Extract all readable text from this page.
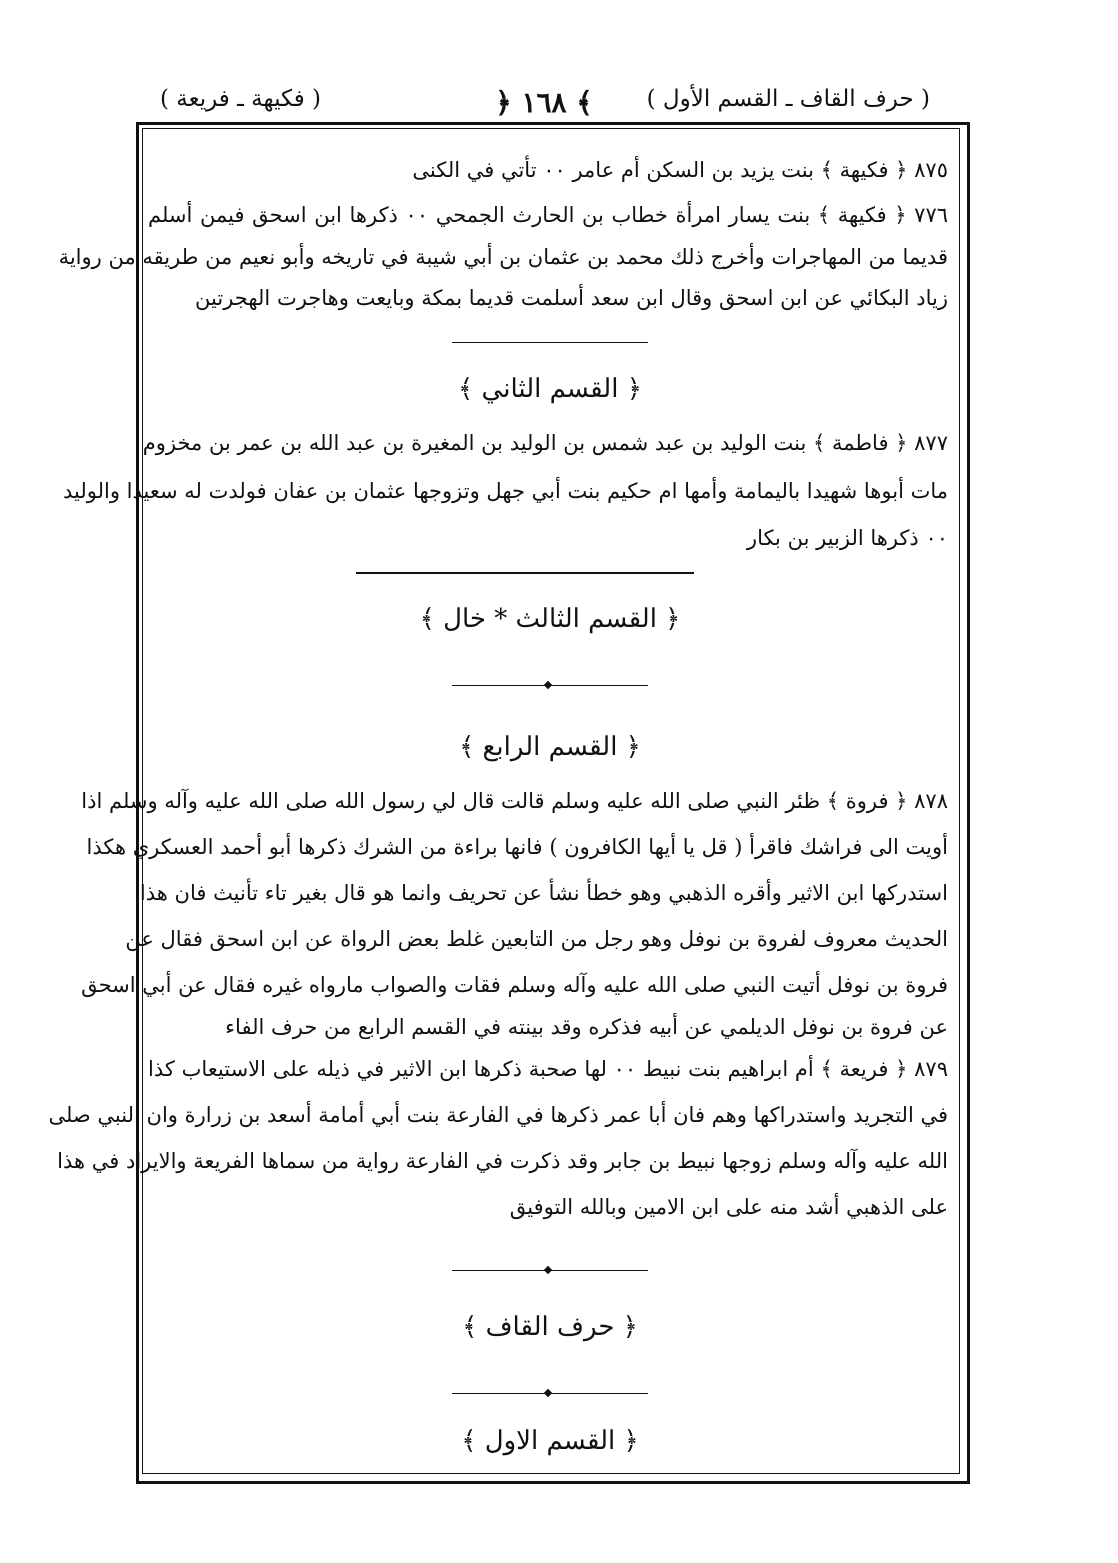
( حرف القاف ـ القسم الأول )
﴿ ١٦٨ ﴾
( فكيهة ـ فريعة )
٨٧٥ ﴿ فكيهة ﴾ بنت يزيد بن السكن أم عامر ٠٠ تأتي في الكنى
٧٧٦ ﴿ فكيهة ﴾ بنت يسار امرأة خطاب بن الحارث الجمحي ٠٠ ذكرها ابن اسحق فيمن أسلم
قديما من المهاجرات وأخرج ذلك محمد بن عثمان بن أبي شيبة في تاريخه وأبو نعيم من طريقه من رواية
زياد البكائي عن ابن اسحق وقال ابن سعد أسلمت قديما بمكة وبايعت وهاجرت الهجرتين
﴿ القسم الثاني ﴾
٨٧٧ ﴿ فاطمة ﴾ بنت الوليد بن عبد شمس بن الوليد بن المغيرة بن عبد الله بن عمر بن مخزوم
مات أبوها شهيدا باليمامة وأمها ام حكيم بنت أبي جهل وتزوجها عثمان بن عفان فولدت له سعيدا والوليد
٠٠ ذكرها الزبير بن بكار
﴿ القسم الثالث * خال ﴾
﴿ القسم الرابع ﴾
٨٧٨ ﴿ فروة ﴾ ظئر النبي صلى الله عليه وسلم قالت قال لي رسول الله صلى الله عليه وآله وسلم اذا
أويت الى فراشك فاقرأ ( قل يا أيها الكافرون ) فانها براءة من الشرك ذكرها أبو أحمد العسكري هكذا
استدركها ابن الاثير وأقره الذهبي وهو خطأ نشأ عن تحريف وانما هو قال بغير تاء تأنيث فان هذا
الحديث معروف لفروة بن نوفل وهو رجل من التابعين غلط بعض الرواة عن ابن اسحق فقال عن
فروة بن نوفل أتيت النبي صلى الله عليه وآله وسلم فقات والصواب مارواه غيره فقال عن أبي اسحق
عن فروة بن نوفل الديلمي عن أبيه فذكره وقد بينته في القسم الرابع من حرف الفاء
٨٧٩ ﴿ فريعة ﴾ أم ابراهيم بنت نبيط ٠٠ لها صحبة ذكرها ابن الاثير في ذيله على الاستيعاب كذا
في التجريد واستدراكها وهم فان أبا عمر ذكرها في الفارعة بنت أبي أمامة أسعد بن زرارة وان النبي صلى
الله عليه وآله وسلم زوجها نبيط بن جابر وقد ذكرت في الفارعة رواية من سماها الفريعة والايراد في هذا
على الذهبي أشد منه على ابن الامين وبالله التوفيق
﴿ حرف القاف ﴾
﴿ القسم الاول ﴾
